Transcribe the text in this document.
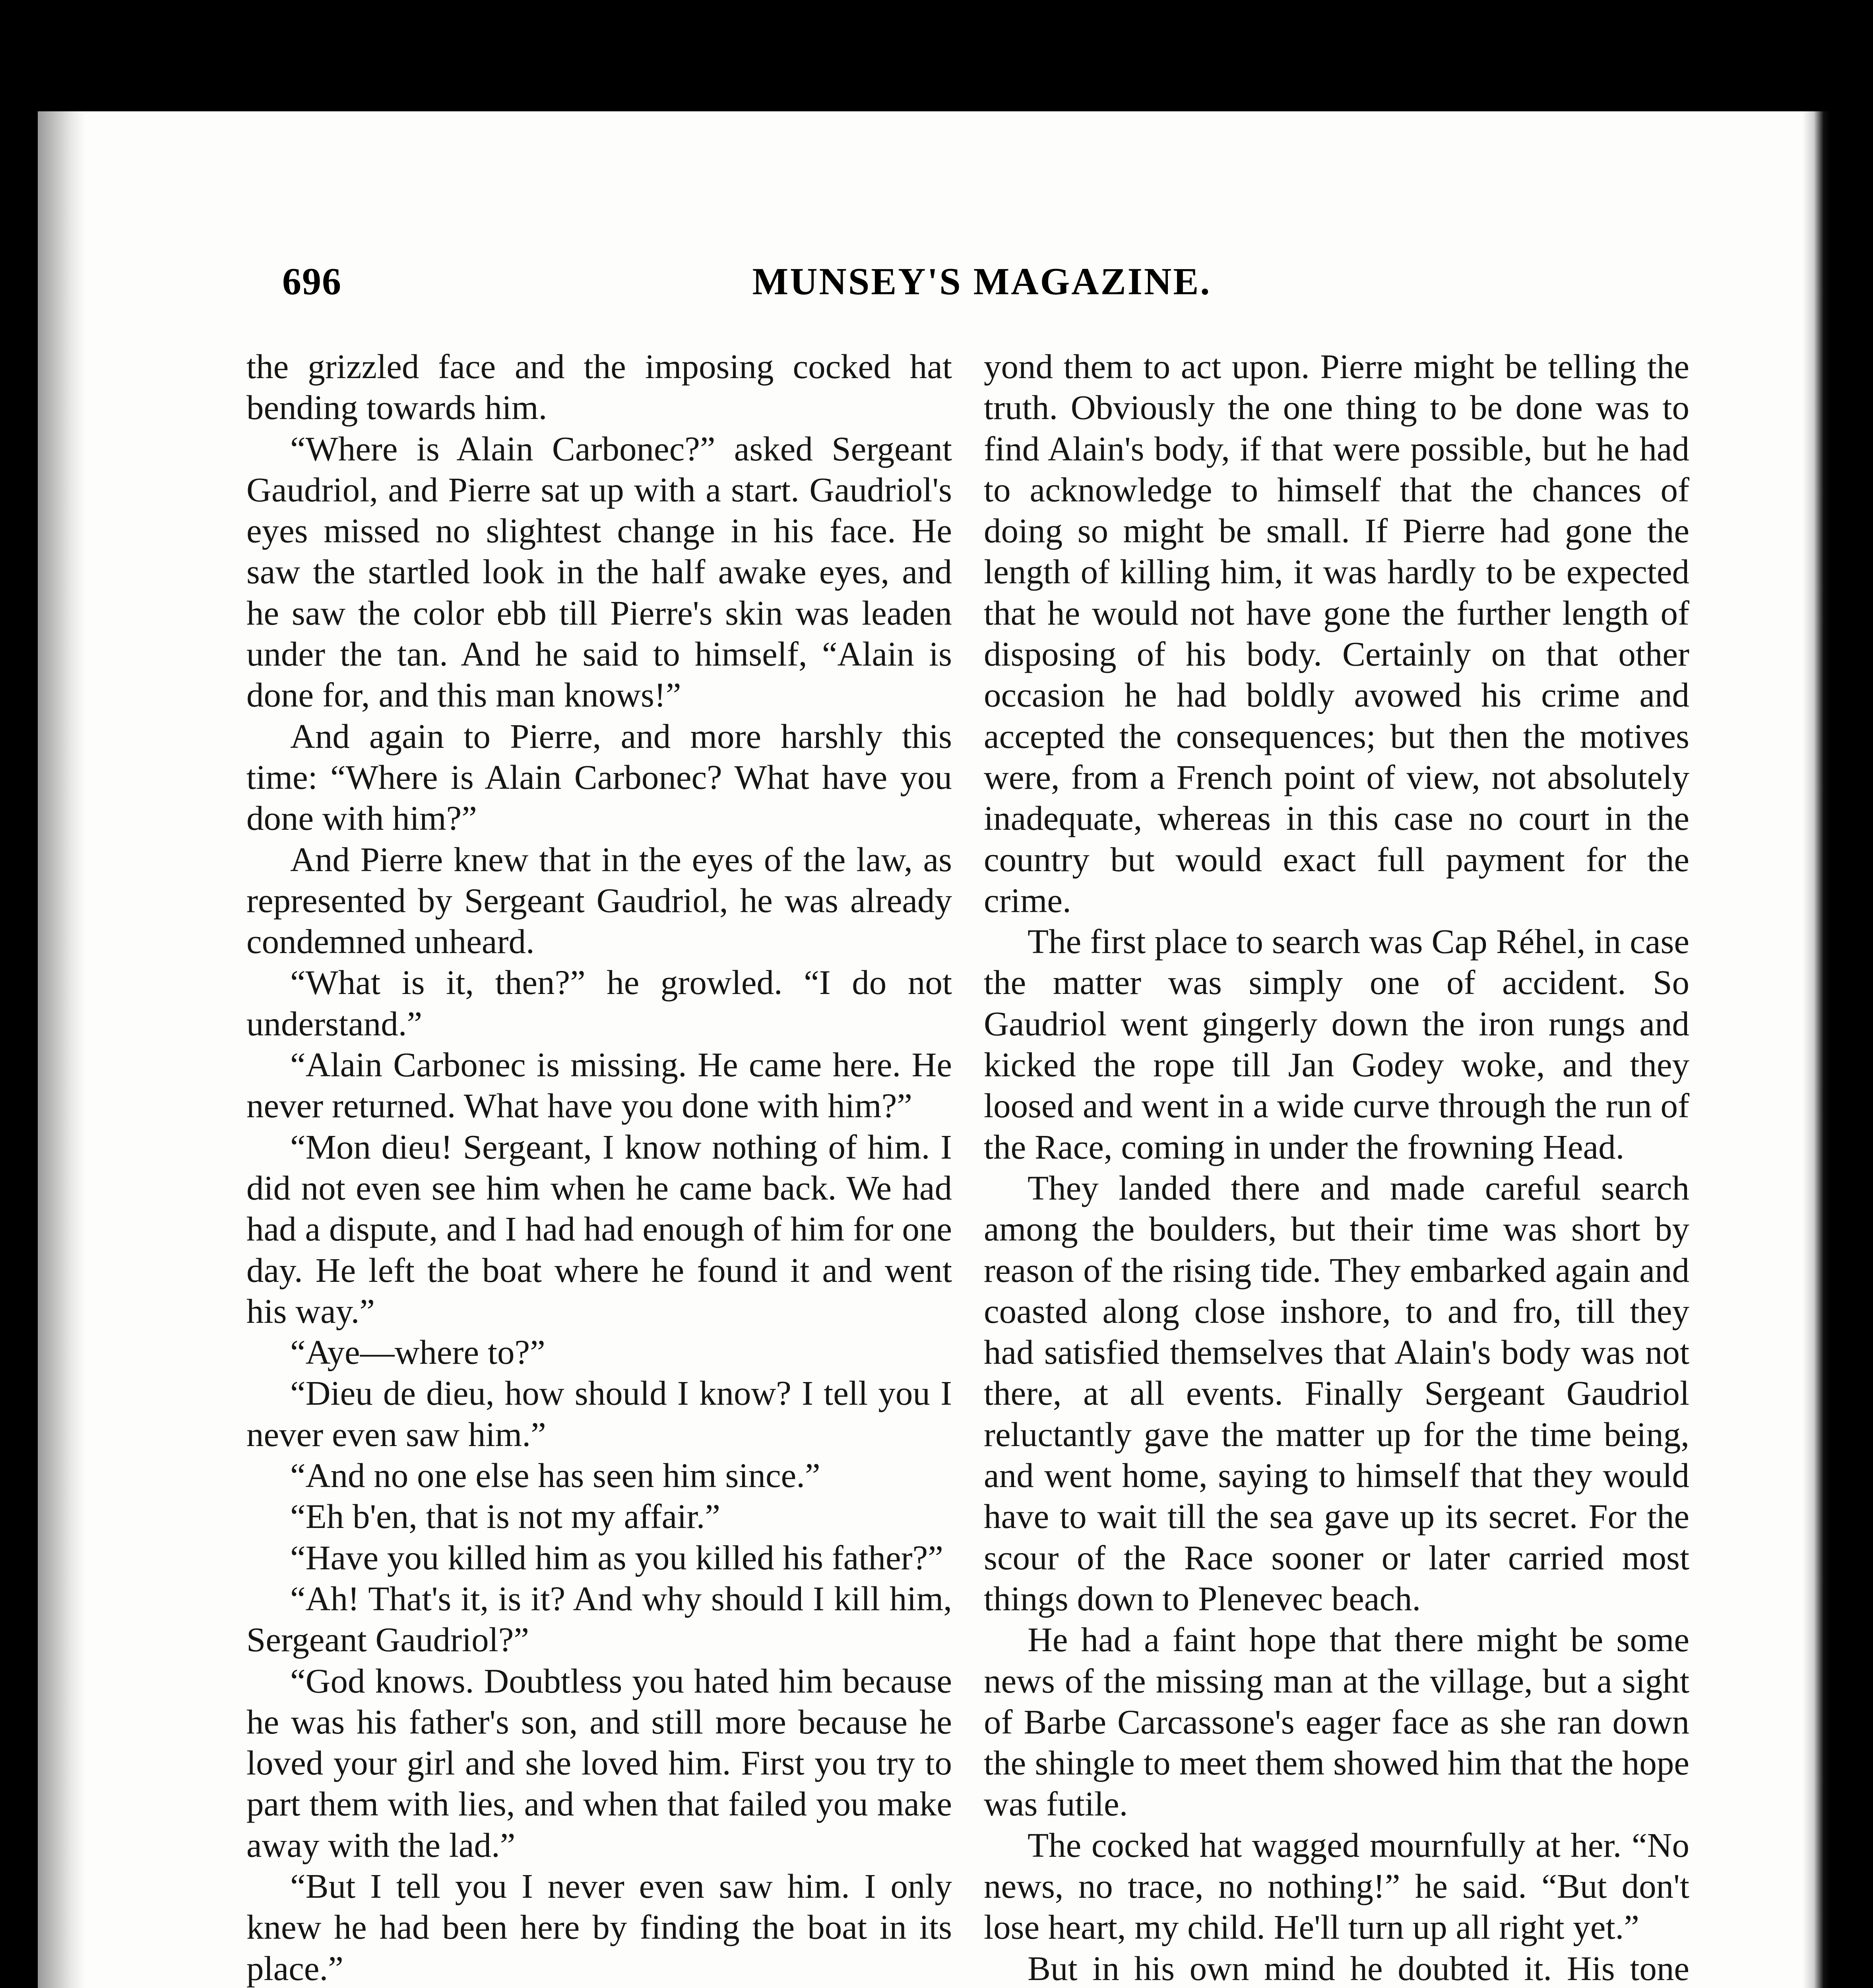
696	MUNSEY'S MAGAZINE.

the grizzled face and the imposing cocked hat bending towards him.

“Where is Alain Carbonec?” asked Sergeant Gaudriol, and Pierre sat up with a start. Gaudriol's eyes missed no slightest change in his face. He saw the startled look in the half awake eyes, and he saw the color ebb till Pierre's skin was leaden under the tan. And he said to himself, “Alain is done for, and this man knows!”

And again to Pierre, and more harshly this time: “Where is Alain Carbonec? What have you done with him?”

And Pierre knew that in the eyes of the law, as represented by Sergeant Gaudriol, he was already condemned unheard.

“What is it, then?” he growled. “I do not understand.”

“Alain Carbonec is missing. He came here. He never returned. What have you done with him?”

“Mon dieu! Sergeant, I know nothing of him. I did not even see him when he came back. We had had a dispute, and I had had enough of him for one day. He left the boat where he found it and went his way.”

“Aye—where to?”

“Dieu de dieu, how should I know? I tell you I never even saw him.”

“And no one else has seen him since.”

“Eh b'en, that is not my affair.”

“Have you killed him as you killed his father?”

“Ah! That's it, is it? And why should I kill him, Sergeant Gaudriol?”

“God knows. Doubtless you hated him because he was his father's son, and still more because he loved your girl and she loved him. First you try to part them with lies, and when that failed you make away with the lad.”

“But I tell you I never even saw him. I only knew he had been here by finding the boat in its place.”

yond them to act upon. Pierre might be telling the truth. Obviously the one thing to be done was to find Alain's body, if that were possible, but he had to acknowledge to himself that the chances of doing so might be small. If Pierre had gone the length of killing him, it was hardly to be expected that he would not have gone the further length of disposing of his body. Certainly on that other occasion he had boldly avowed his crime and accepted the consequences; but then the motives were, from a French point of view, not absolutely inadequate, whereas in this case no court in the country but would exact full payment for the crime.

The first place to search was Cap Réhel, in case the matter was simply one of accident. So Gaudriol went gingerly down the iron rungs and kicked the rope till Jan Godey woke, and they loosed and went in a wide curve through the run of the Race, coming in under the frowning Head.

They landed there and made careful search among the boulders, but their time was short by reason of the rising tide. They embarked again and coasted along close inshore, to and fro, till they had satisfied themselves that Alain's body was not there, at all events. Finally Sergeant Gaudriol reluctantly gave the matter up for the time being, and went home, saying to himself that they would have to wait till the sea gave up its secret. For the scour of the Race sooner or later carried most things down to Plenevec beach.

He had a faint hope that there might be some news of the missing man at the village, but a sight of Barbe Carcassone's eager face as she ran down the shingle to meet them showed him that the hope was futile.

The cocked hat wagged mournfully at her. “No news, no trace, no nothing!” he said. “But don't lose heart, my child. He'll turn up all right yet.”

But in his own mind he doubted it. His tone
